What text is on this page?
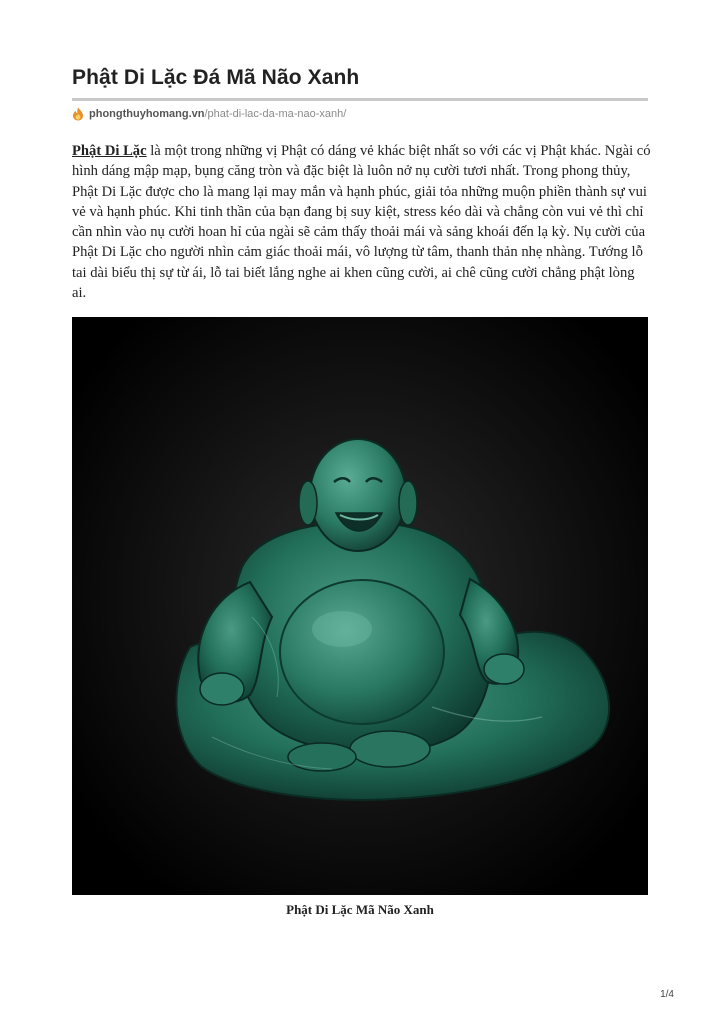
Phật Di Lặc Đá Mã Não Xanh
phongthuyhomang.vn /phat-di-lac-da-ma-nao-xanh/

Phật Di Lặc là một trong những vị Phật có dáng vẻ khác biệt nhất so với các vị Phật khác. Ngài có hình dáng mập mạp, bụng căng tròn và đặc biệt là luôn nở nụ cười tươi nhất. Trong phong thủy, Phật Di Lặc được cho là mang lại may mắn và hạnh phúc, giải tỏa những muộn phiền thành sự vui vẻ và hạnh phúc. Khi tinh thần của bạn đang bị suy kiệt, stress kéo dài và chẳng còn vui vẻ thì chỉ cần nhìn vào nụ cười hoan hỉ của ngài sẽ cảm thấy thoải mái và sảng khoái đến lạ kỳ. Nụ cười của Phật Di Lặc cho người nhìn cảm giác thoải mái, vô lượng từ tâm, thanh thản nhẹ nhàng. Tướng lỗ tai dài biểu thị sự từ ái, lỗ tai biết lắng nghe ai khen cũng cười, ai chê cũng cười chẳng phật lòng ai.

Phật Di Lặc Mã Não Xanh
1/4
